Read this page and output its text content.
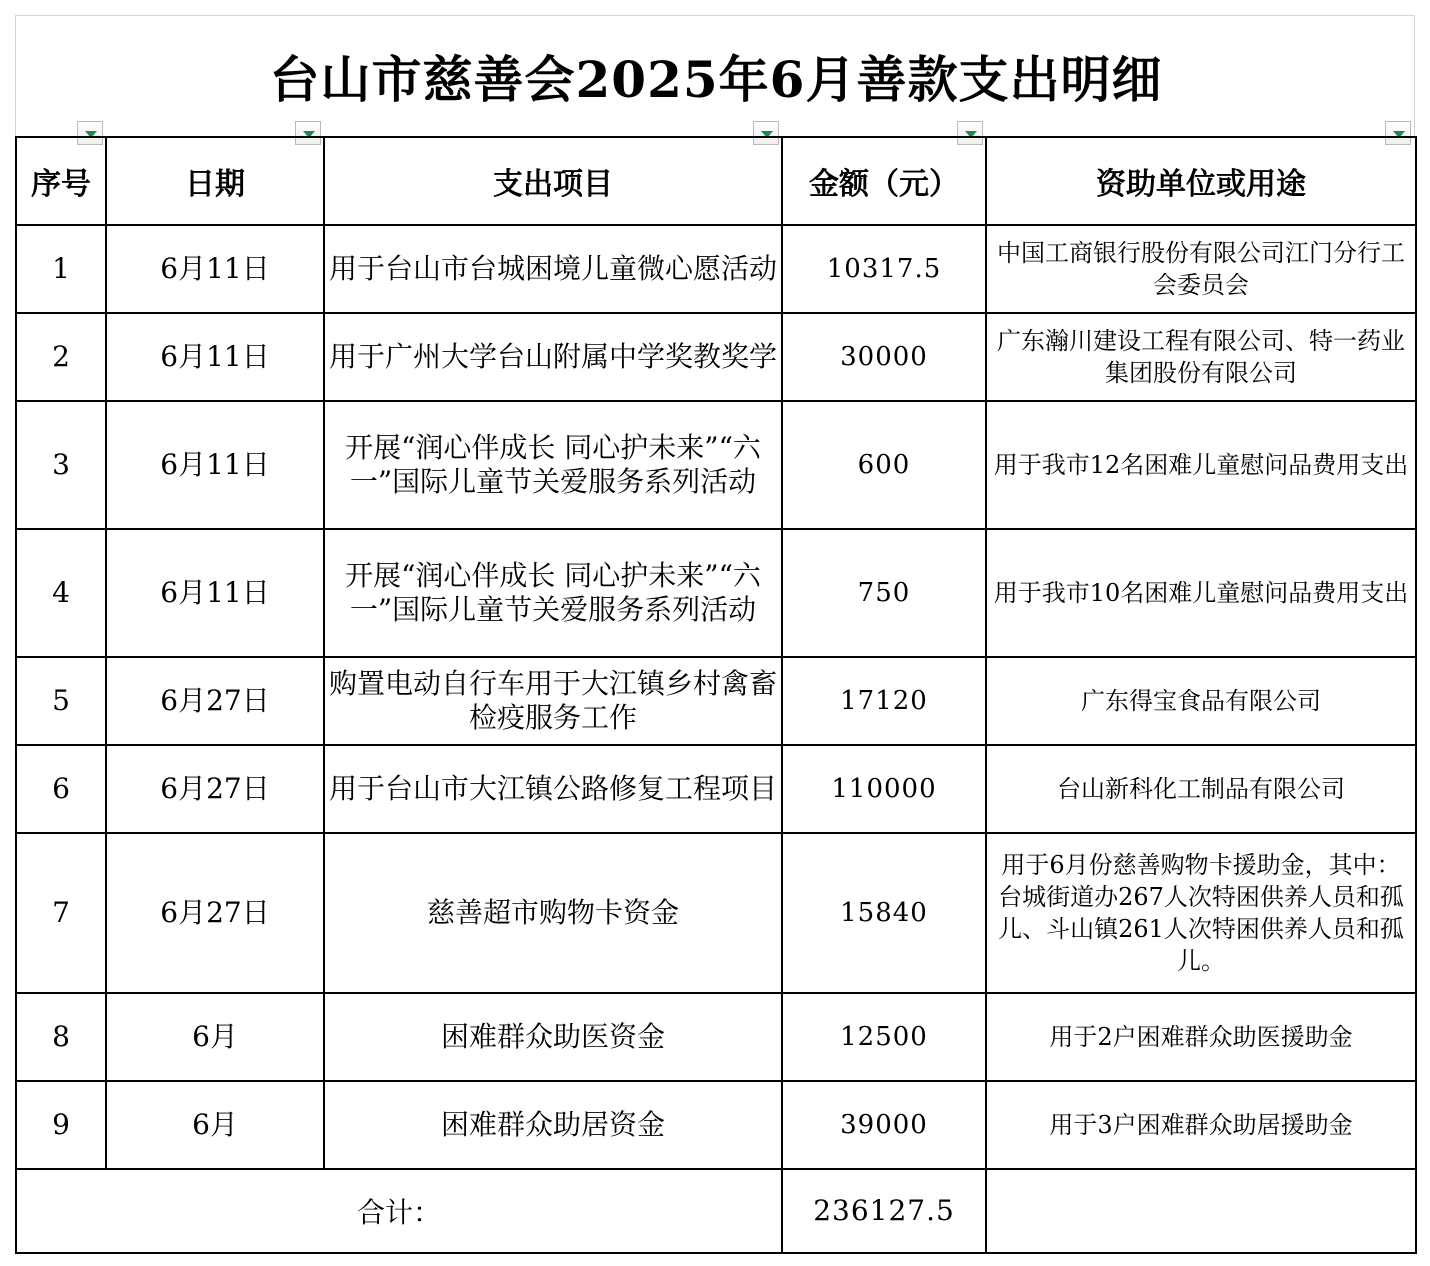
台山市慈善会2025年6月善款支出明细
序号	日期	支出项目	金额（元）	资助单位或用途
1	6月11日	用于台山市台城困境儿童微心愿活动	10317.5	中国工商银行股份有限公司江门分行工会委员会
2	6月11日	用于广州大学台山附属中学奖教奖学	30000	广东瀚川建设工程有限公司、特一药业集团股份有限公司
3	6月11日	开展“润心伴成长 同心护未来”“六一”国际儿童节关爱服务系列活动	600	用于我市12名困难儿童慰问品费用支出
4	6月11日	开展“润心伴成长 同心护未来”“六一”国际儿童节关爱服务系列活动	750	用于我市10名困难儿童慰问品费用支出
5	6月27日	购置电动自行车用于大江镇乡村禽畜检疫服务工作	17120	广东得宝食品有限公司
6	6月27日	用于台山市大江镇公路修复工程项目	110000	台山新科化工制品有限公司
7	6月27日	慈善超市购物卡资金	15840	用于6月份慈善购物卡援助金，其中：台城街道办267人次特困供养人员和孤儿、斗山镇261人次特困供养人员和孤儿。
8	6月	困难群众助医资金	12500	用于2户困难群众助医援助金
9	6月	困难群众助居资金	39000	用于3户困难群众助居援助金
合计：			236127.5	
